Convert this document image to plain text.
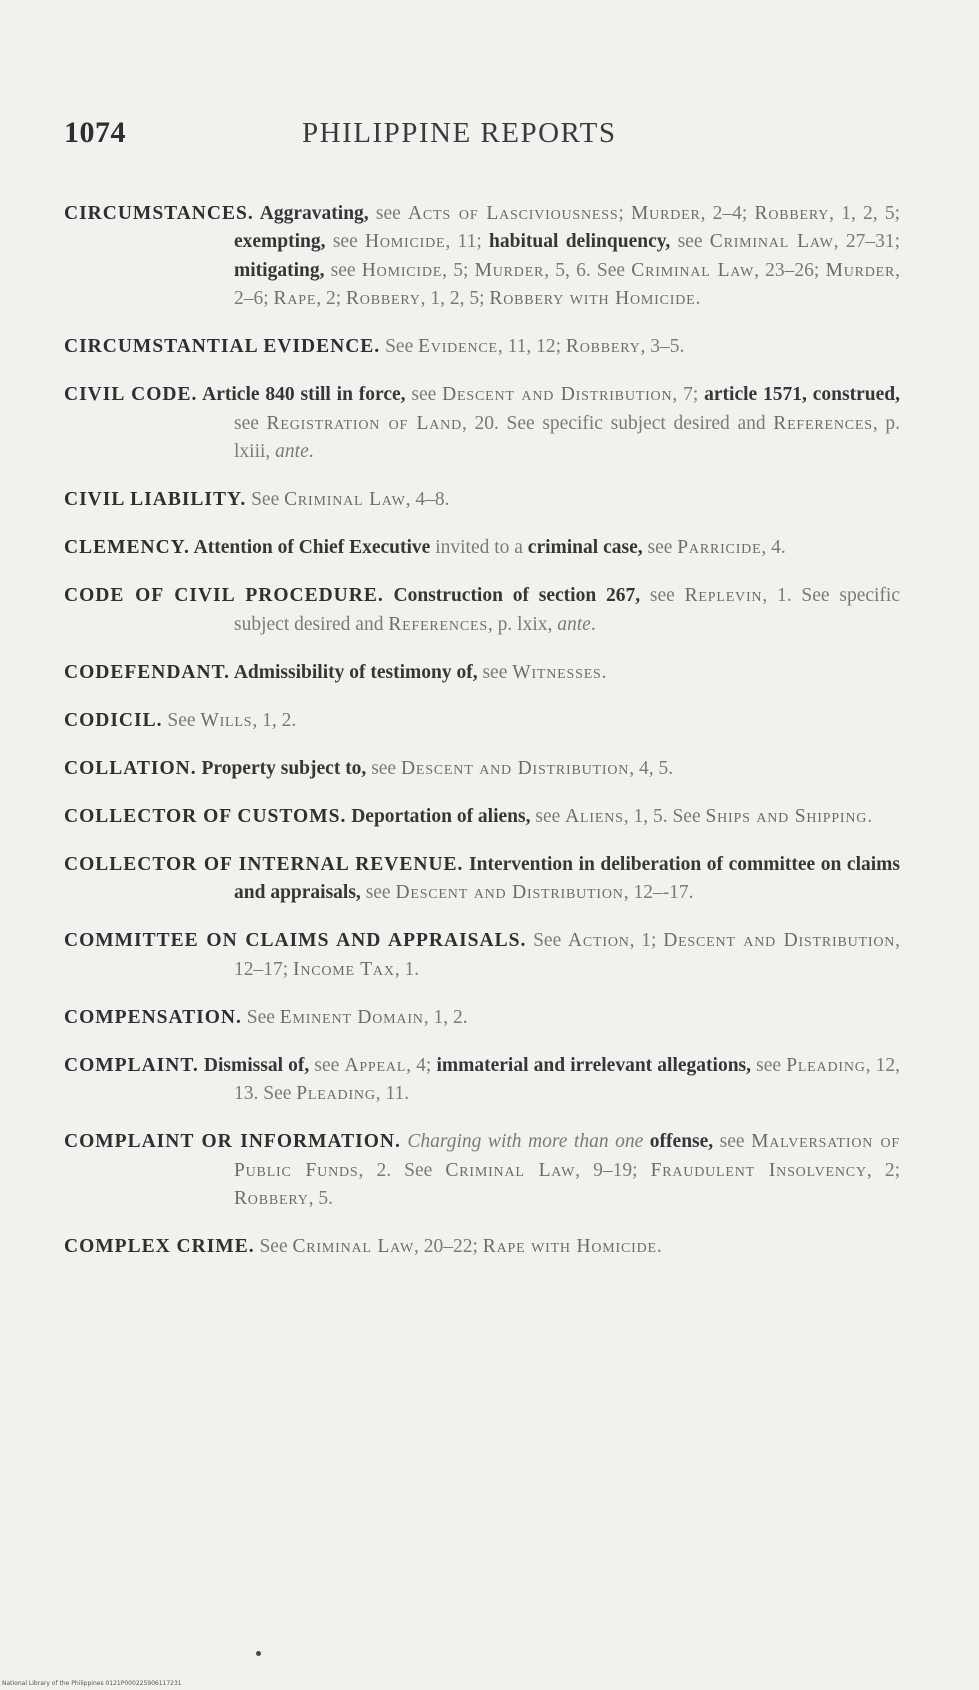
1074	PHILIPPINE REPORTS

CIRCUMSTANCES. Aggravating, see Acts of Lasciviousness; Murder, 2–4; Robbery, 1, 2, 5; exempting, see Homicide, 11; habitual delinquency, see Criminal Law, 27–31; mitigating, see Homicide, 5; Murder, 5, 6. See Criminal Law, 23–26; Murder, 2–6; Rape, 2; Robbery, 1, 2, 5; Robbery with Homicide.

CIRCUMSTANTIAL EVIDENCE. See Evidence, 11, 12; Robbery, 3–5.

CIVIL CODE. Article 840 still in force, see Descent and Distribution, 7; article 1571, construed, see Registration of Land, 20. See specific subject desired and References, p. lxiii, ante.

CIVIL LIABILITY. See Criminal Law, 4–8.

CLEMENCY. Attention of Chief Executive invited to a criminal case, see Parricide, 4.

CODE OF CIVIL PROCEDURE. Construction of section 267, see Replevin, 1. See specific subject desired and References, p. lxix, ante.

CODEFENDANT. Admissibility of testimony of, see Witnesses.

CODICIL. See Wills, 1, 2.

COLLATION. Property subject to, see Descent and Distribution, 4, 5.

COLLECTOR OF CUSTOMS. Deportation of aliens, see Aliens, 1, 5. See Ships and Shipping.

COLLECTOR OF INTERNAL REVENUE. Intervention in deliberation of committee on claims and appraisals, see Descent and Distribution, 12–-17.

COMMITTEE ON CLAIMS AND APPRAISALS. See Action, 1; Descent and Distribution, 12–17; Income Tax, 1.

COMPENSATION. See Eminent Domain, 1, 2.

COMPLAINT. Dismissal of, see Appeal, 4; immaterial and irrelevant allegations, see Pleading, 12, 13. See Pleading, 11.

COMPLAINT OR INFORMATION. Charging with more than one offense, see Malversation of Public Funds, 2. See Criminal Law, 9–19; Fraudulent Insolvency, 2; Robbery, 5.

COMPLEX CRIME. See Criminal Law, 20–22; Rape with Homicide.

National Library of the Philippines 0121P000225906117231
